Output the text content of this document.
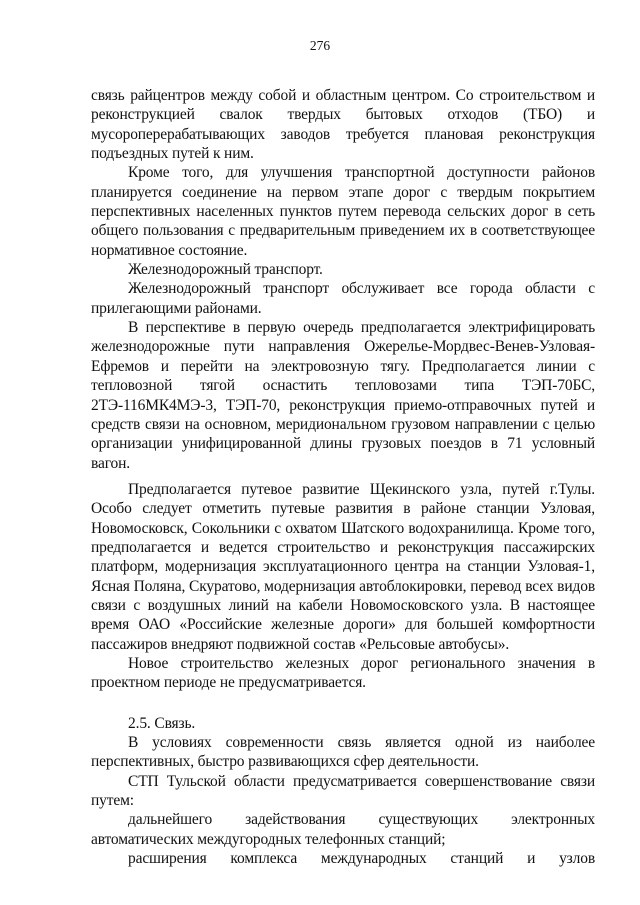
276

связь райцентров между собой и областным центром. Со строительством и реконструкцией свалок твердых бытовых отходов (ТБО) и мусороперерабатывающих заводов требуется плановая реконструкция подъездных путей к ним.

Кроме того, для улучшения транспортной доступности районов планируется соединение на первом этапе дорог с твердым покрытием перспективных населенных пунктов путем перевода сельских дорог в сеть общего пользования с предварительным приведением их в соответствующее нормативное состояние.

Железнодорожный транспорт.

Железнодорожный транспорт обслуживает все города области с прилегающими районами.

В перспективе в первую очередь предполагается электрифицировать железнодорожные пути направления Ожерелье-Мордвес-Венев-Узловая-Ефремов и перейти на электровозную тягу. Предполагается линии с тепловозной тягой оснастить тепловозами типа ТЭП-70БС, 2ТЭ-116МК4МЭ-3, ТЭП-70, реконструкция приемо-отправочных путей и средств связи на основном, меридиональном грузовом направлении с целью организации унифицированной длины грузовых поездов в 71 условный вагон.

Предполагается путевое развитие Щекинского узла, путей г.Тулы. Особо следует отметить путевые развития в районе станции Узловая, Новомосковск, Сокольники с охватом Шатского водохранилища. Кроме того, предполагается и ведется строительство и реконструкция пассажирских платформ, модернизация эксплуатационного центра на станции Узловая-1, Ясная Поляна, Скуратово, модернизация автоблокировки, перевод всех видов связи с воздушных линий на кабели Новомосковского узла. В настоящее время ОАО «Российские железные дороги» для большей комфортности пассажиров внедряют подвижной состав «Рельсовые автобусы».

Новое строительство железных дорог регионального значения в проектном периоде не предусматривается.

2.5. Связь.

В условиях современности связь является одной из наиболее перспективных, быстро развивающихся сфер деятельности.

СТП Тульской области предусматривается совершенствование связи путем:

дальнейшего задействования существующих электронных автоматических междугородных телефонных станций;

расширения комплекса международных станций и узлов
